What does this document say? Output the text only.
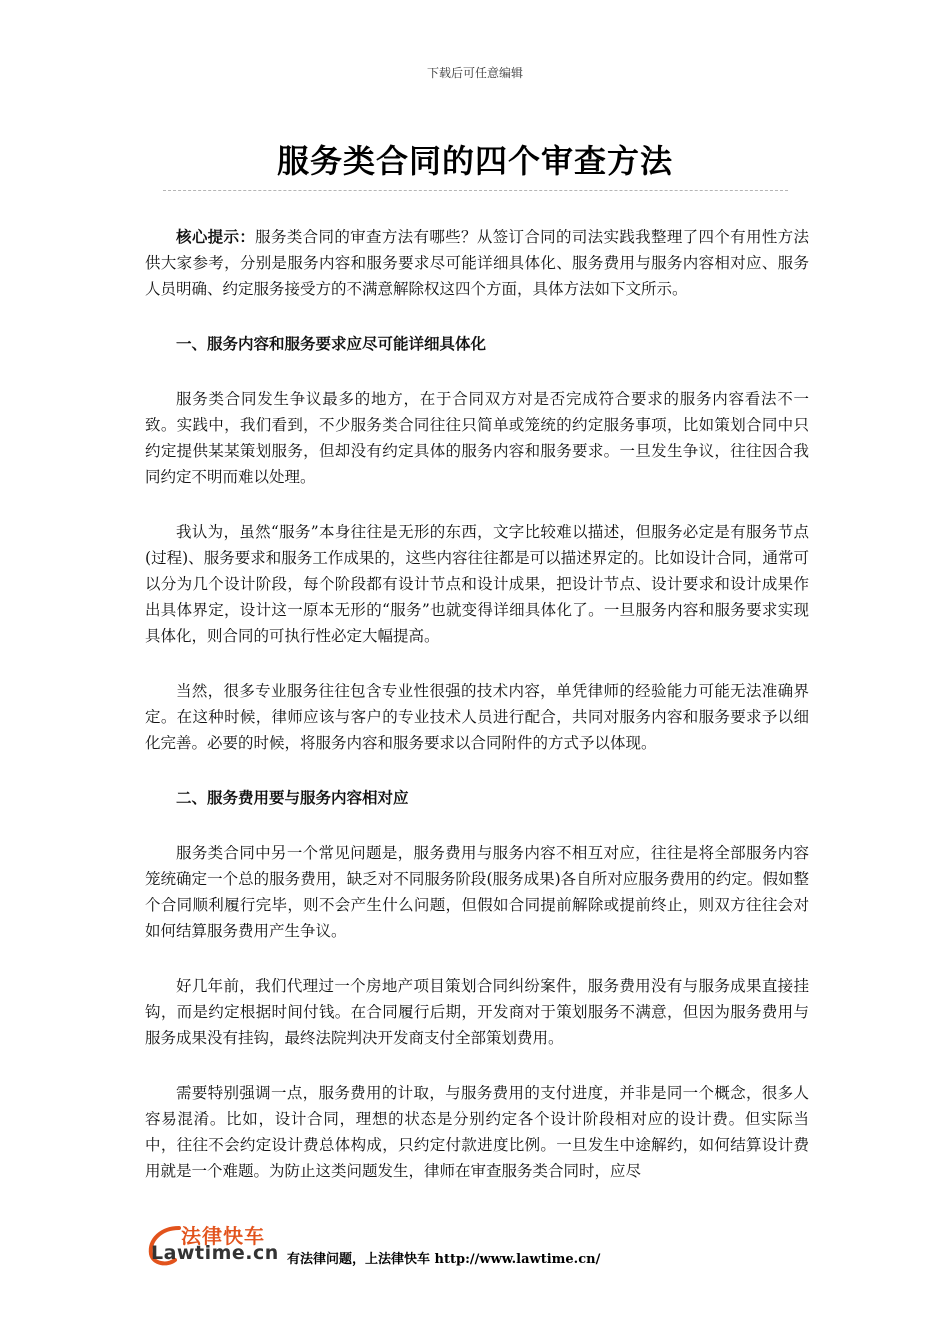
下载后可任意编辑
服务类合同的四个审查方法

核心提示：服务类合同的审查方法有哪些？从签订合同的司法实践我整理了四个有用性方法供大家参考，分别是服务内容和服务要求尽可能详细具体化、服务费用与服务内容相对应、服务人员明确、约定服务接受方的不满意解除权这四个方面，具体方法如下文所示。

一、服务内容和服务要求应尽可能详细具体化

服务类合同发生争议最多的地方，在于合同双方对是否完成符合要求的服务内容看法不一致。实践中，我们看到，不少服务类合同往往只简单或笼统的约定服务事项，比如策划合同中只约定提供某某策划服务，但却没有约定具体的服务内容和服务要求。一旦发生争议，往往因合我同约定不明而难以处理。

我认为，虽然“服务”本身往往是无形的东西，文字比较难以描述，但服务必定是有服务节点(过程)、服务要求和服务工作成果的，这些内容往往都是可以描述界定的。比如设计合同，通常可以分为几个设计阶段，每个阶段都有设计节点和设计成果，把设计节点、设计要求和设计成果作出具体界定，设计这一原本无形的“服务”也就变得详细具体化了。一旦服务内容和服务要求实现具体化，则合同的可执行性必定大幅提高。

当然，很多专业服务往往包含专业性很强的技术内容，单凭律师的经验能力可能无法准确界定。在这种时候，律师应该与客户的专业技术人员进行配合，共同对服务内容和服务要求予以细化完善。必要的时候，将服务内容和服务要求以合同附件的方式予以体现。

二、服务费用要与服务内容相对应

服务类合同中另一个常见问题是，服务费用与服务内容不相互对应，往往是将全部服务内容笼统确定一个总的服务费用，缺乏对不同服务阶段(服务成果)各自所对应服务费用的约定。假如整个合同顺利履行完毕，则不会产生什么问题，但假如合同提前解除或提前终止，则双方往往会对如何结算服务费用产生争议。

好几年前，我们代理过一个房地产项目策划合同纠纷案件，服务费用没有与服务成果直接挂钩，而是约定根据时间付钱。在合同履行后期，开发商对于策划服务不满意，但因为服务费用与服务成果没有挂钩，最终法院判决开发商支付全部策划费用。

需要特别强调一点，服务费用的计取，与服务费用的支付进度，并非是同一个概念，很多人容易混淆。比如，设计合同，理想的状态是分别约定各个设计阶段相对应的设计费。但实际当中，往往不会约定设计费总体构成，只约定付款进度比例。一旦发生中途解约，如何结算设计费用就是一个难题。为防止这类问题发生，律师在审查服务类合同时，应尽

法律快车
Lawtime.cn 有法律问题，上法律快车 http://www.lawtime.cn/
